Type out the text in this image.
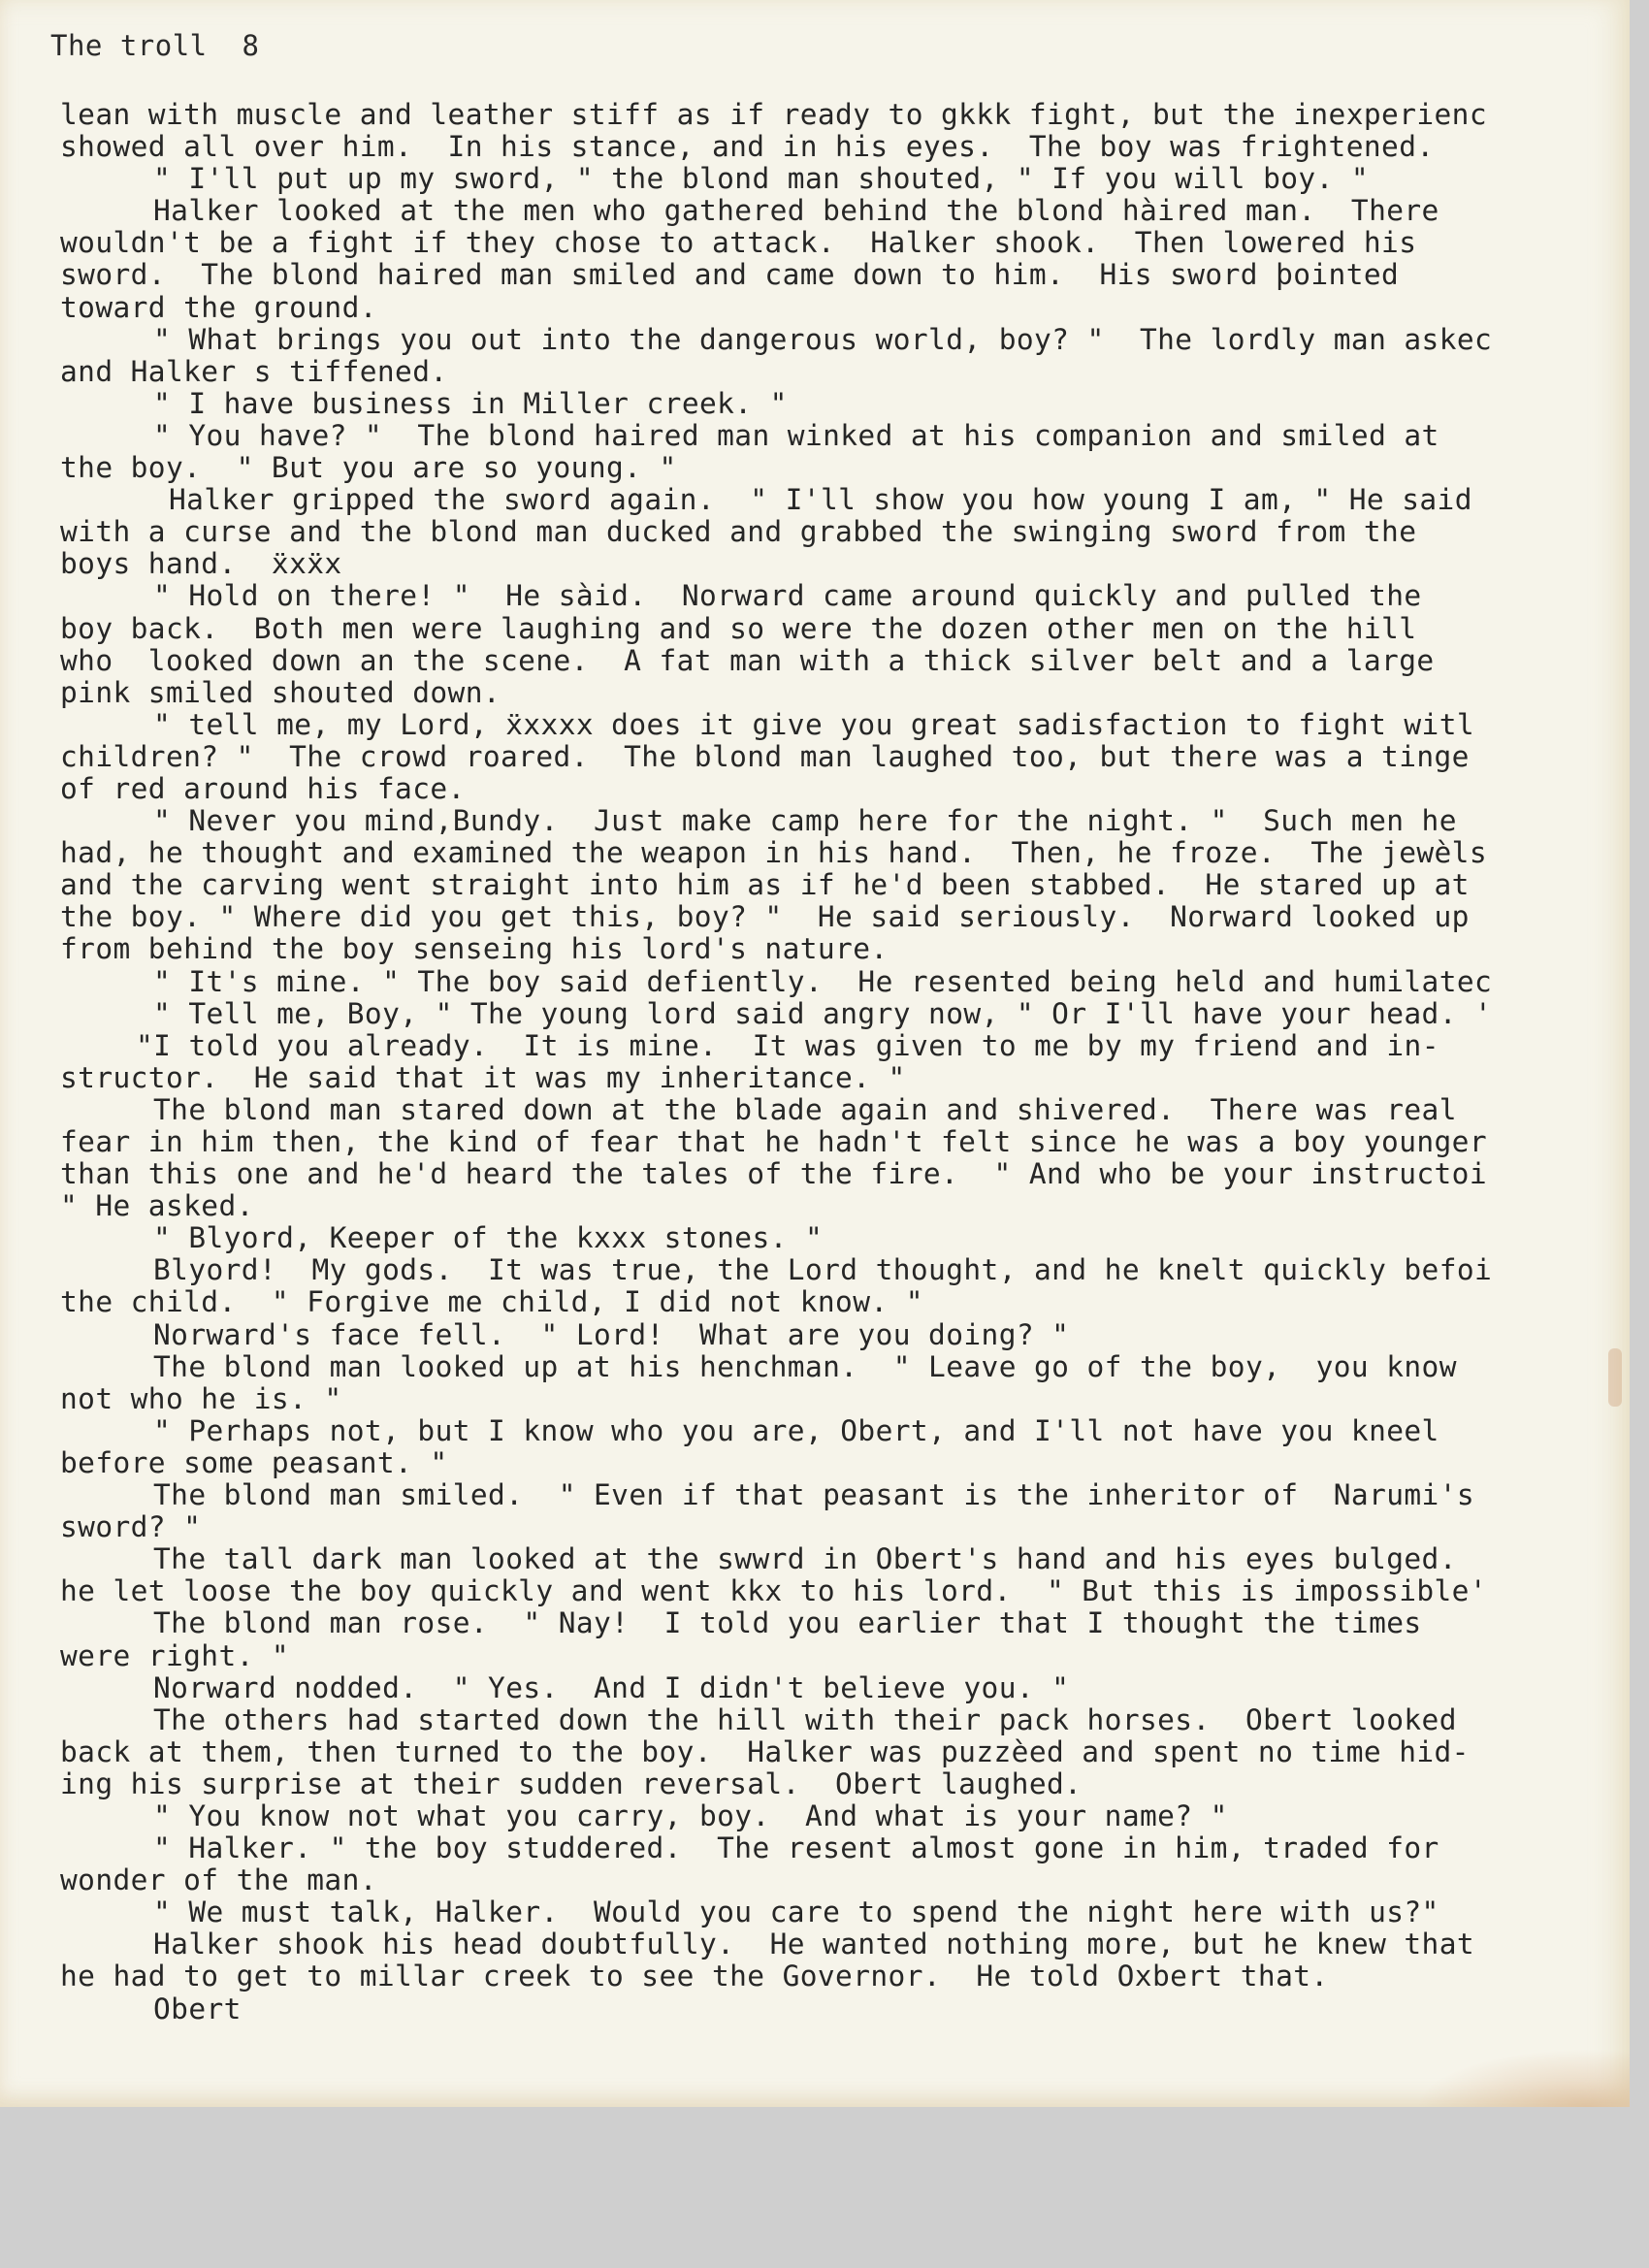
The troll  8
lean with muscle and leather stiff as if ready to gkkk fight, but the inexperienc
showed all over him.  In his stance, and in his eyes.  The boy was frightened.
" I'll put up my sword, " the blond man shouted, " If you will boy. "
Halker looked at the men who gathered behind the blond hàired man.  There
wouldn't be a fight if they chose to attack.  Halker shook.  Then lowered his
sword.  The blond haired man smiled and came down to him.  His sword þointed
toward the ground.
" What brings you out into the dangerous world, boy? "  The lordly man askec
and Halker s tiffened.
" I have business in Miller creek. "
" You have? "  The blond haired man winked at his companion and smiled at
the boy.  " But you are so young. "
Halker gripped the sword again.  " I'll show you how young I am, " He said
with a curse and the blond man ducked and grabbed the swinging sword from the
boys hand.  ẍxẍx
" Hold on there! "  He sàid.  Norward came around quickly and pulled the
boy back.  Both men were laughing and so were the dozen other men on the hill
who  looked down an the scene.  A fat man with a thick silver belt and a large
pink smiled shouted down.
" tell me, my Lord, ẍxxxx does it give you great sadisfaction to fight witl
children? "  The crowd roared.  The blond man laughed too, but there was a tinge
of red around his face.
" Never you mind,Bundy.  Just make camp here for the night. "  Such men he
had, he thought and examined the weapon in his hand.  Then, he froze.  The jewèls
and the carving went straight into him as if he'd been stabbed.  He stared up at
the boy. " Where did you get this, boy? "  He said seriously.  Norward looked up
from behind the boy senseing his lord's nature.
" It's mine. " The boy said defiently.  He resented being held and humilatec
" Tell me, Boy, " The young lord said angry now, " Or I'll have your head. '
"I told you already.  It is mine.  It was given to me by my friend and in-
structor.  He said that it was my inheritance. "
The blond man stared down at the blade again and shivered.  There was real
fear in him then, the kind of fear that he hadn't felt since he was a boy younger
than this one and he'd heard the tales of the fire.  " And who be your instructoi
" He asked.
" Blyord, Keeper of the kxxx stones. "
Blyord!  My gods.  It was true, the Lord thought, and he knelt quickly befoi
the child.  " Forgive me child, I did not know. "
Norward's face fell.  " Lord!  What are you doing? "
The blond man looked up at his henchman.  " Leave go of the boy,  you know
not who he is. "
" Perhaps not, but I know who you are, Obert, and I'll not have you kneel
before some peasant. "
The blond man smiled.  " Even if that peasant is the inheritor of  Narumi's
sword? "
The tall dark man looked at the swwrd in Obert's hand and his eyes bulged.
he let loose the boy quickly and went kkx to his lord.  " But this is impossible'
The blond man rose.  " Nay!  I told you earlier that I thought the times
were right. "
Norward nodded.  " Yes.  And I didn't believe you. "
The others had started down the hill with their pack horses.  Obert looked
back at them, then turned to the boy.  Halker was puzzèed and spent no time hid-
ing his surprise at their sudden reversal.  Obert laughed.
" You know not what you carry, boy.  And what is your name? "
" Halker. " the boy studdered.  The resent almost gone in him, traded for
wonder of the man.
" We must talk, Halker.  Would you care to spend the night here with us?"
Halker shook his head doubtfully.  He wanted nothing more, but he knew that
he had to get to millar creek to see the Governor.  He told Oxbert that.
Obert
